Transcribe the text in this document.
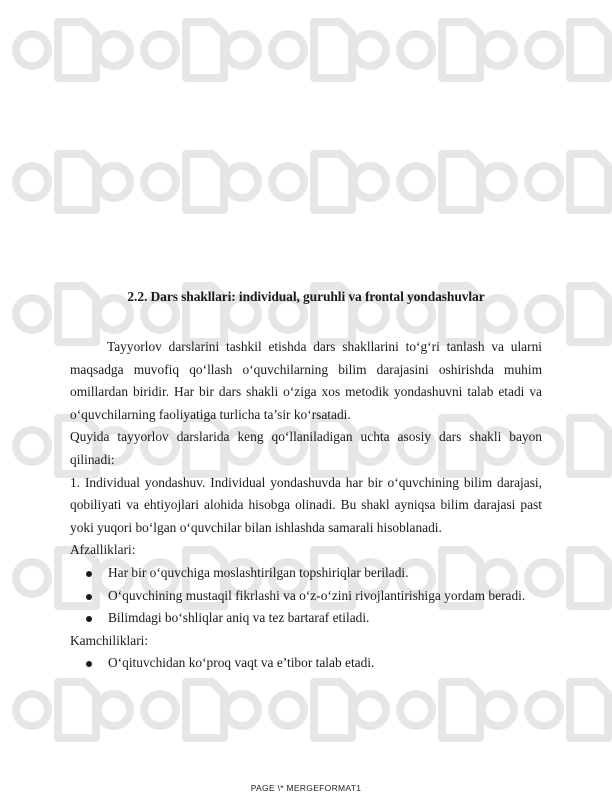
2.2. Dars shakllari: individual, guruhli va frontal yondashuvlar

Tayyorlov darslarini tashkil etishda dars shakllarini to‘g‘ri tanlash va ularni maqsadga muvofiq qo‘llash o‘quvchilarning bilim darajasini oshirishda muhim omillardan biridir. Har bir dars shakli o‘ziga xos metodik yondashuvni talab etadi va o‘quvchilarning faoliyatiga turlicha ta’sir ko‘rsatadi.

Quyida tayyorlov darslarida keng qo‘llaniladigan uchta asosiy dars shakli bayon qilinadi:

1. Individual yondashuv. Individual yondashuvda har bir o‘quvchining bilim darajasi, qobiliyati va ehtiyojlari alohida hisobga olinadi. Bu shakl ayniqsa bilim darajasi past yoki yuqori bo‘lgan o‘quvchilar bilan ishlashda samarali hisoblanadi.

Afzalliklari:

Har bir o‘quvchiga moslashtirilgan topshiriqlar beriladi.
O‘quvchining mustaqil fikrlashi va o‘z-o‘zini rivojlantirishiga yordam beradi.
Bilimdagi bo‘shliqlar aniq va tez bartaraf etiladi.

Kamchiliklari:

O‘qituvchidan ko‘proq vaqt va e’tibor talab etadi.
PAGE \* MERGEFORMAT1
